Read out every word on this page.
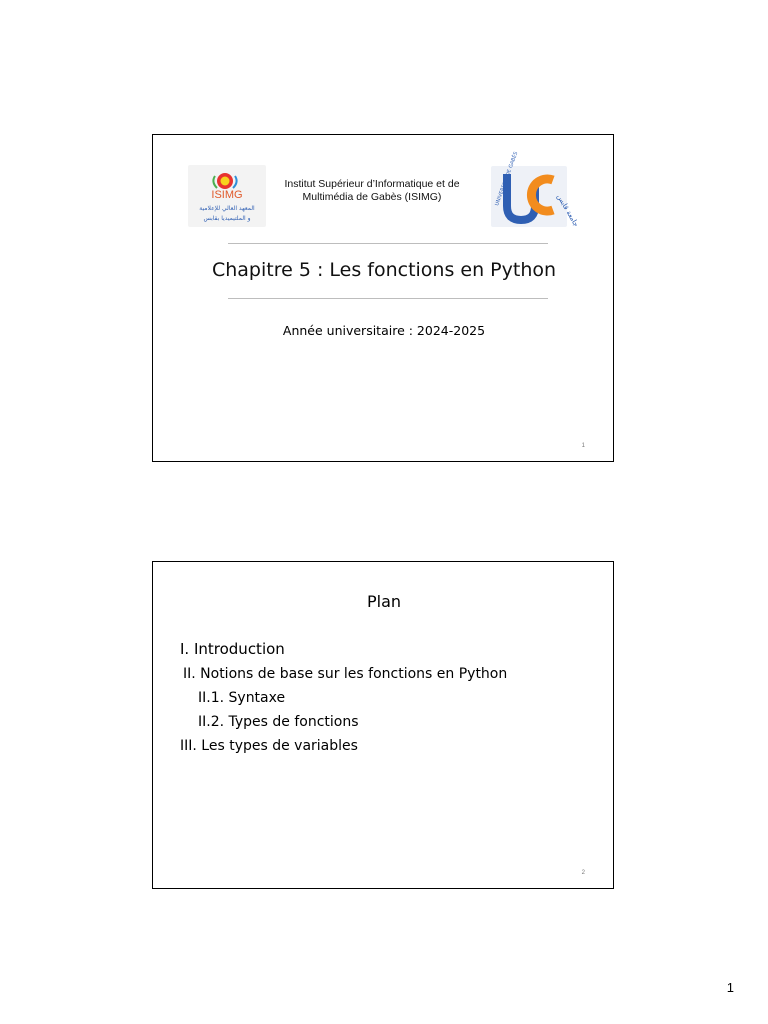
ISIMG
المعهد العالي للإعلامية
و الملتيميديا بقابس
Institut Supérieur d’Informatique et de Multimédia de Gabès (ISIMG)	UNIVERSITÉ DE GABÈS
جامعة قابس
Chapitre 5 : Les fonctions en Python
Année universitaire : 2024-2025
1
Plan
I. Introduction
II. Notions de base sur les fonctions en Python
II.1. Syntaxe
II.2. Types de fonctions
III. Les types de variables
2
1
